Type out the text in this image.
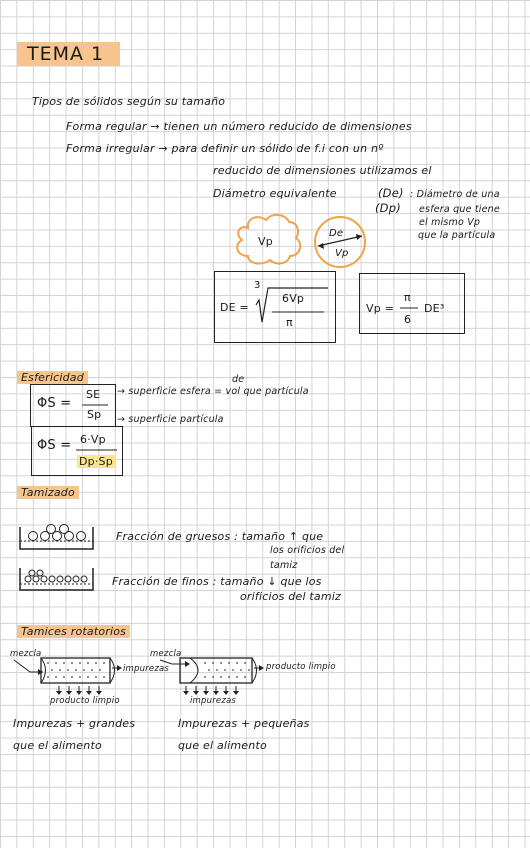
TEMA 1
Tipos de sólidos según su tamaño
Forma regular → tienen un número reducido de dimensiones
Forma irregular → para definir un sólido de f.i con un nº
reducido de dimensiones utilizamos el
Diámetro equivalente	(De)
(Dp)
: Diámetro de una
esfera que tiene
el mismo Vp
que la partícula
Vp
De
Vp
DE =
3
6Vp
π
Vp =
π
6
DE³
Esfericidad
ΦS =
SE
Sp
de
→ superficie esfera = vol que partícula
→ superficie partícula
ΦS = 6·Vp
Dp·Sp
Tamizado
Fracción de gruesos : tamaño ↑ que
los orificios del
tamiz
Fracción de finos : tamaño ↓ que los
orificios del tamiz
Tamices rotatorios
mezcla
impurezas
producto limpio
mezcla
producto limpio
impurezas
Impurezas + grandes
que el alimento
Impurezas + pequeñas
que el alimento
